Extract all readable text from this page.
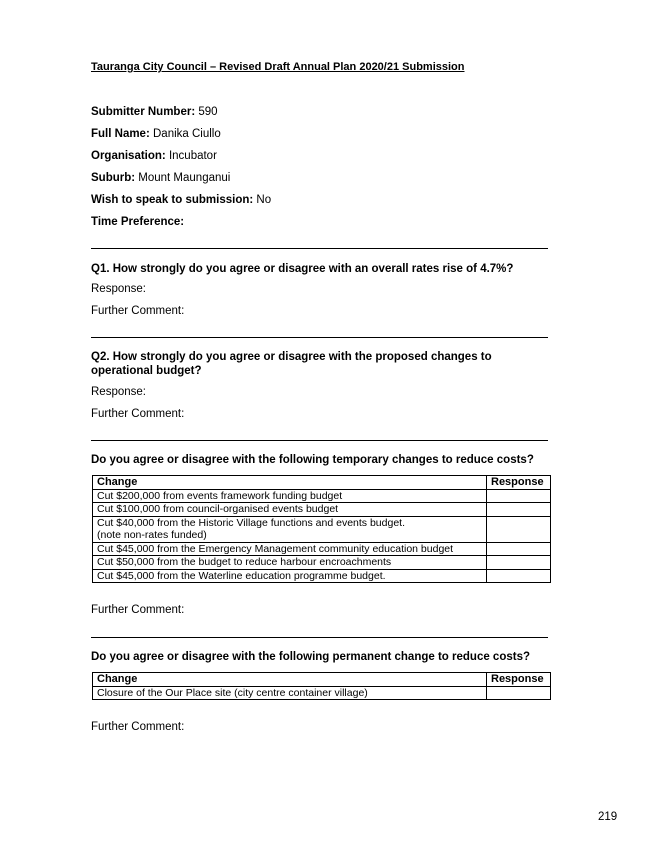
Tauranga City Council – Revised Draft Annual Plan 2020/21 Submission
Submitter Number: 590
Full Name: Danika Ciullo
Organisation: Incubator
Suburb: Mount Maunganui
Wish to speak to submission: No
Time Preference:
Q1. How strongly do you agree or disagree with an overall rates rise of 4.7%?
Response:
Further Comment:
Q2. How strongly do you agree or disagree with the proposed changes to operational budget?
Response:
Further Comment:
Do you agree or disagree with the following temporary changes to reduce costs?
Change	Response
Cut $200,000 from events framework funding budget	
Cut $100,000 from council-organised events budget	
Cut $40,000 from the Historic Village functions and events budget.
(note non-rates funded)	
Cut $45,000 from the Emergency Management community education budget	
Cut $50,000 from the budget to reduce harbour encroachments	
Cut $45,000 from the Waterline education programme budget.	
Further Comment:
Do you agree or disagree with the following permanent change to reduce costs?
Change	Response
Closure of the Our Place site (city centre container village)	
Further Comment:
219
